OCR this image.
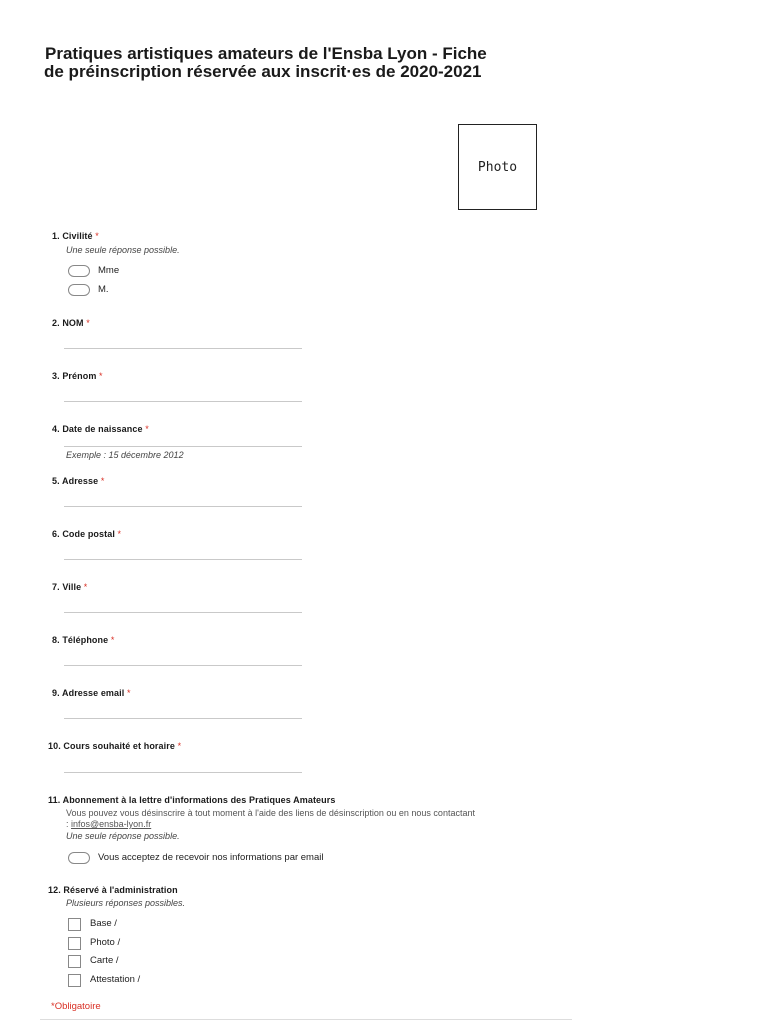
Pratiques artistiques amateurs de l'Ensba Lyon - Fiche
de préinscription réservée aux inscrit·es de 2020-2021
Photo
1. Civilité *
Une seule réponse possible.
Mme
M.
2. NOM *
3. Prénom *
4. Date de naissance *
Exemple : 15 décembre 2012
5. Adresse *
6. Code postal *
7. Ville *
8. Téléphone *
9. Adresse email *
10. Cours souhaité et horaire *
11. Abonnement à la lettre d'informations des Pratiques Amateurs
Vous pouvez vous désinscrire à tout moment à l'aide des liens de désinscription ou en nous contactant
: infos@ensba-lyon.fr
Une seule réponse possible.
Vous acceptez de recevoir nos informations par email
12. Réservé à l'administration
Plusieurs réponses possibles.
Base /
Photo /
Carte /
Attestation /
*Obligatoire
